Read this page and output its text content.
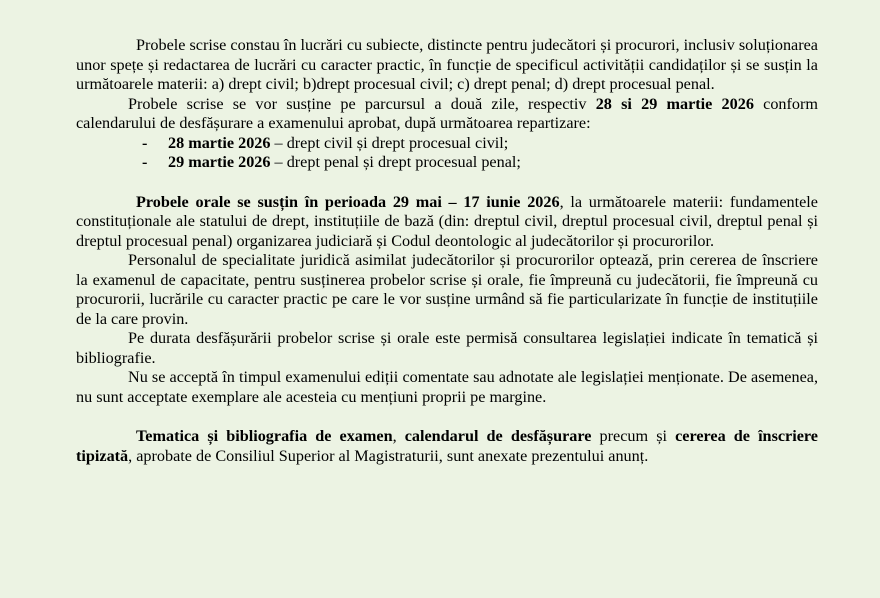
Probele scrise constau în lucrări cu subiecte, distincte pentru judecători și procurori, inclusiv soluționarea unor spețe și redactarea de lucrări cu caracter practic, în funcție de specificul activității candidaților și se susțin la următoarele materii: a) drept civil; b)drept procesual civil; c) drept penal; d) drept procesual penal.

Probele scrise se vor susține pe parcursul a două zile, respectiv 28 si 29 martie 2026 conform calendarului de desfășurare a examenului aprobat, după următoarea repartizare:

- 28 martie 2026 – drept civil și drept procesual civil;
- 29 martie 2026 – drept penal și drept procesual penal;

Probele orale se susțin în perioada 29 mai – 17 iunie 2026, la următoarele materii: fundamentele constituționale ale statului de drept, instituțiile de bază (din: dreptul civil, dreptul procesual civil, dreptul penal și dreptul procesual penal) organizarea judiciară și Codul deontologic al judecătorilor și procurorilor.

Personalul de specialitate juridică asimilat judecătorilor și procurorilor optează, prin cererea de înscriere la examenul de capacitate, pentru susținerea probelor scrise și orale, fie împreună cu judecătorii, fie împreună cu procurorii, lucrările cu caracter practic pe care le vor susține urmând să fie particularizate în funcție de instituțiile de la care provin.

Pe durata desfășurării probelor scrise și orale este permisă consultarea legislației indicate în tematică și bibliografie.

Nu se acceptă în timpul examenului ediții comentate sau adnotate ale legislației menționate. De asemenea, nu sunt acceptate exemplare ale acesteia cu mențiuni proprii pe margine.

Tematica și bibliografia de examen, calendarul de desfășurare precum și cererea de înscriere tipizată, aprobate de Consiliul Superior al Magistraturii, sunt anexate prezentului anunț.
